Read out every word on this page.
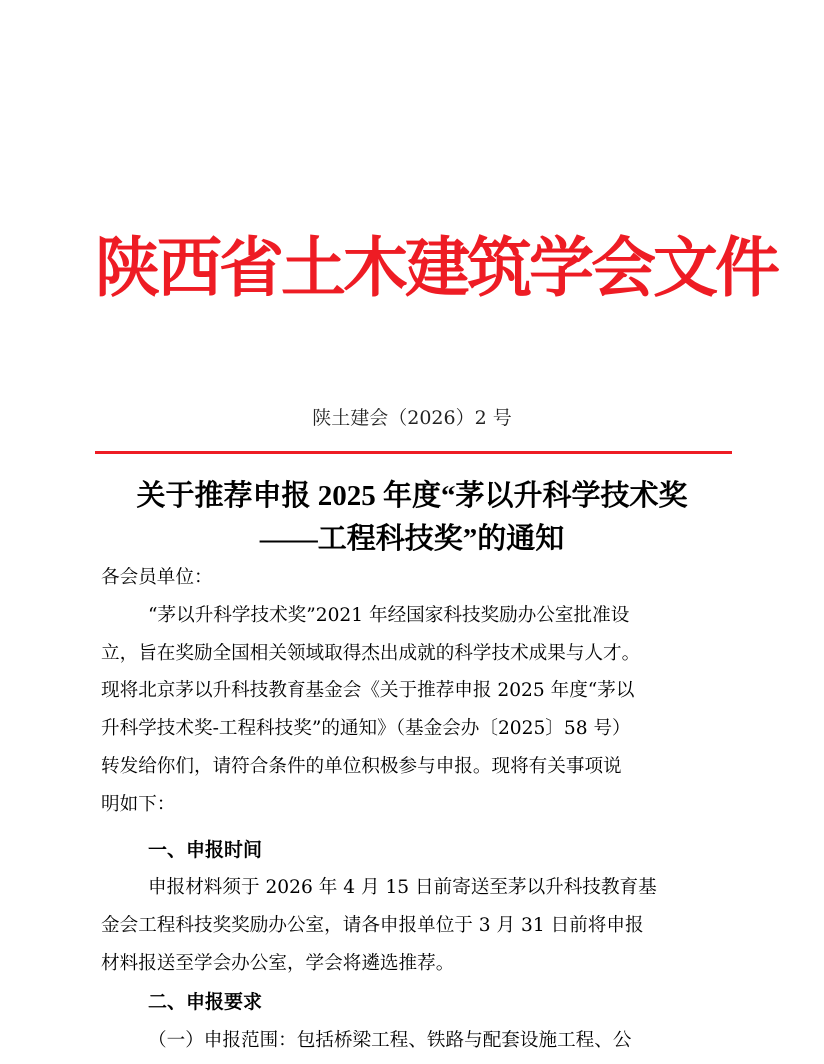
陕西省土木建筑学会文件
陕土建会（2026）2 号
关于推荐申报 2025 年度“茅以升科学技术奖
——工程科技奖”的通知
各会员单位：
“茅以升科学技术奖”2021 年经国家科技奖励办公室批准设
立，旨在奖励全国相关领域取得杰出成就的科学技术成果与人才。
现将北京茅以升科技教育基金会《关于推荐申报 2025 年度“茅以
升科学技术奖-工程科技奖”的通知》（基金会办〔2025〕58 号）
转发给你们，请符合条件的单位积极参与申报。现将有关事项说
明如下：
一、申报时间
申报材料须于 2026 年 4 月 15 日前寄送至茅以升科技教育基
金会工程科技奖奖励办公室，请各申报单位于 3 月 31 日前将申报
材料报送至学会办公室，学会将遴选推荐。
二、申报要求
（一）申报范围：包括桥梁工程、铁路与配套设施工程、公
